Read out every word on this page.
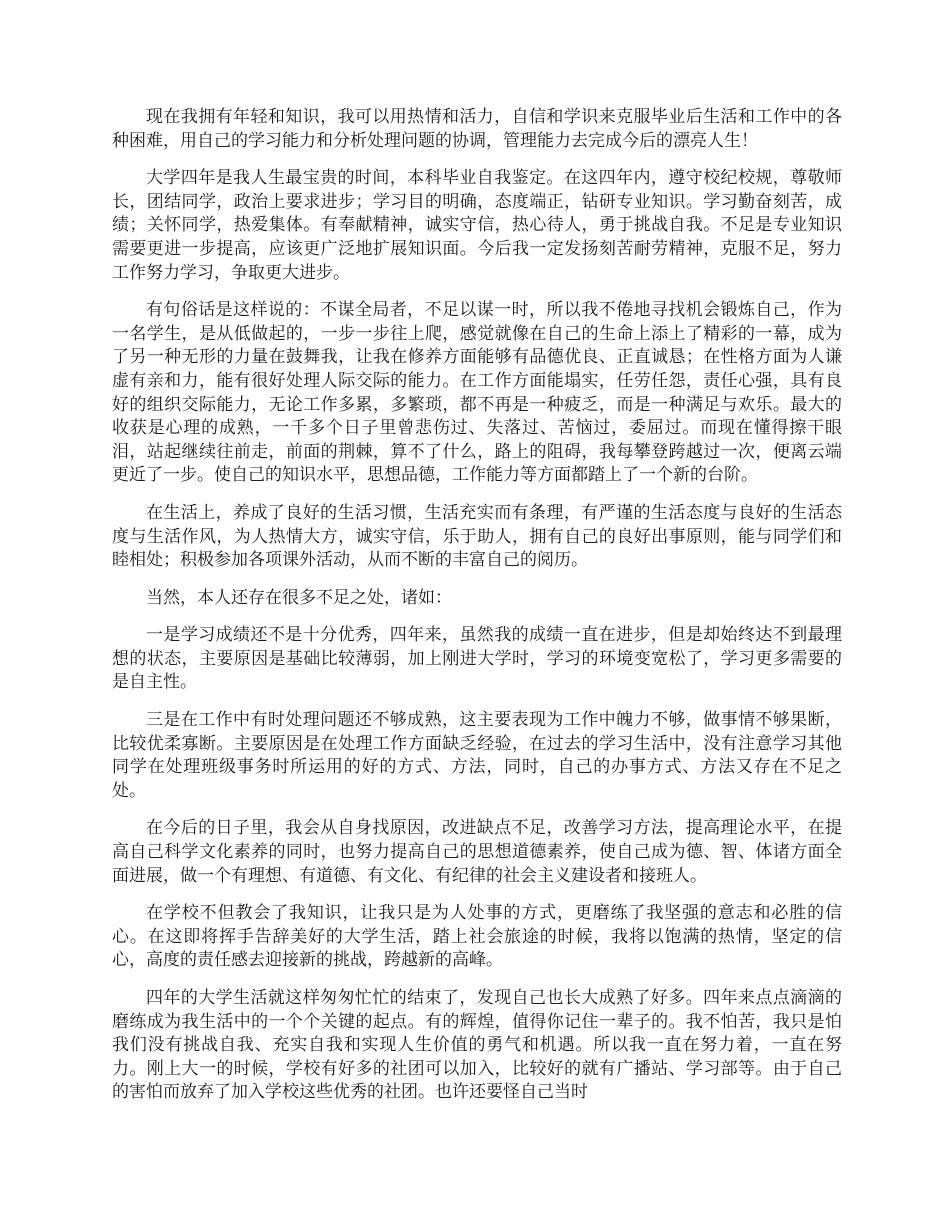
现在我拥有年轻和知识，我可以用热情和活力，自信和学识来克服毕业后生活和工作中的各种困难，用自己的学习能力和分析处理问题的协调，管理能力去完成今后的漂亮人生！

大学四年是我人生最宝贵的时间，本科毕业自我鉴定。在这四年内，遵守校纪校规，尊敬师长，团结同学，政治上要求进步；学习目的明确，态度端正，钻研专业知识。学习勤奋刻苦，成绩；关怀同学，热爱集体。有奉献精神，诚实守信，热心待人，勇于挑战自我。不足是专业知识需要更进一步提高，应该更广泛地扩展知识面。今后我一定发扬刻苦耐劳精神，克服不足，努力工作努力学习，争取更大进步。

有句俗话是这样说的：不谋全局者，不足以谋一时，所以我不倦地寻找机会锻炼自己，作为一名学生，是从低做起的，一步一步往上爬，感觉就像在自己的生命上添上了精彩的一幕，成为了另一种无形的力量在鼓舞我，让我在修养方面能够有品德优良、正直诚恳；在性格方面为人谦虚有亲和力，能有很好处理人际交际的能力。在工作方面能塌实，任劳任怨，责任心强，具有良好的组织交际能力，无论工作多累，多繁琐，都不再是一种疲乏，而是一种满足与欢乐。最大的收获是心理的成熟，一千多个日子里曾悲伤过、失落过、苦恼过，委屈过。而现在懂得擦干眼泪，站起继续往前走，前面的荆棘，算不了什么，路上的阻碍，我每攀登跨越过一次，便离云端更近了一步。使自己的知识水平，思想品德，工作能力等方面都踏上了一个新的台阶。

在生活上，养成了良好的生活习惯，生活充实而有条理，有严谨的生活态度与良好的生活态度与生活作风，为人热情大方，诚实守信，乐于助人，拥有自己的良好出事原则，能与同学们和睦相处；积极参加各项课外活动，从而不断的丰富自己的阅历。

当然，本人还存在很多不足之处，诸如：

一是学习成绩还不是十分优秀，四年来，虽然我的成绩一直在进步，但是却始终达不到最理想的状态，主要原因是基础比较薄弱，加上刚进大学时，学习的环境变宽松了，学习更多需要的是自主性。

三是在工作中有时处理问题还不够成熟，这主要表现为工作中魄力不够，做事情不够果断，比较优柔寡断。主要原因是在处理工作方面缺乏经验，在过去的学习生活中，没有注意学习其他同学在处理班级事务时所运用的好的方式、方法，同时，自己的办事方式、方法又存在不足之处。

在今后的日子里，我会从自身找原因，改进缺点不足，改善学习方法，提高理论水平，在提高自己科学文化素养的同时，也努力提高自己的思想道德素养，使自己成为德、智、体诸方面全面进展，做一个有理想、有道德、有文化、有纪律的社会主义建设者和接班人。

在学校不但教会了我知识，让我只是为人处事的方式，更磨练了我坚强的意志和必胜的信心。在这即将挥手告辞美好的大学生活，踏上社会旅途的时候，我将以饱满的热情，坚定的信心，高度的责任感去迎接新的挑战，跨越新的高峰。

四年的大学生活就这样匆匆忙忙的结束了，发现自己也长大成熟了好多。四年来点点滴滴的磨练成为我生活中的一个个关键的起点。有的辉煌，值得你记住一辈子的。我不怕苦，我只是怕我们没有挑战自我、充实自我和实现人生价值的勇气和机遇。所以我一直在努力着，一直在努力。刚上大一的时候，学校有好多的社团可以加入，比较好的就有广播站、学习部等。由于自己的害怕而放弃了加入学校这些优秀的社团。也许还要怪自己当时
